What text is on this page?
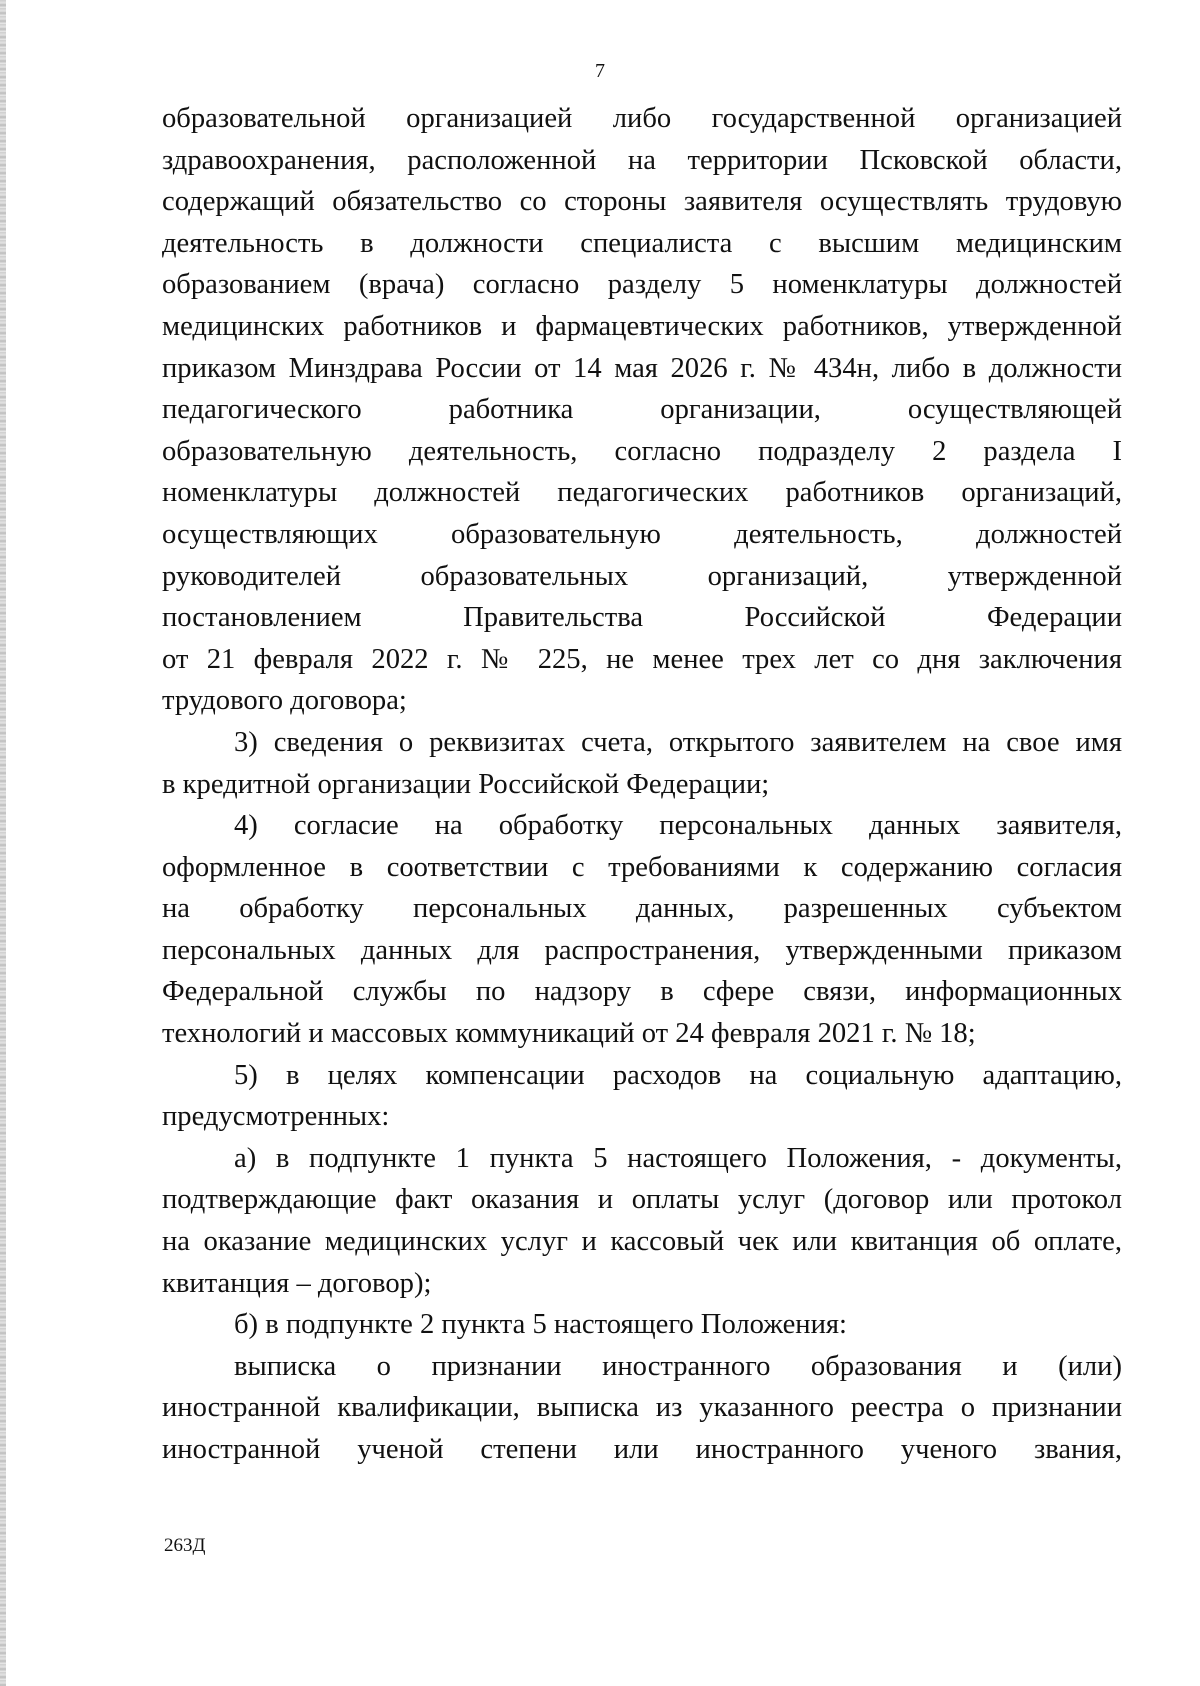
7

образовательной организацией либо государственной организацией
здравоохранения, расположенной на территории Псковской области,
содержащий обязательство со стороны заявителя осуществлять трудовую
деятельность в должности специалиста с высшим медицинским
образованием (врача) согласно разделу 5 номенклатуры должностей
медицинских работников и фармацевтических работников, утвержденной
приказом Минздрава России от 14 мая 2026 г. № 434н, либо в должности
педагогического работника организации, осуществляющей
образовательную деятельность, согласно подразделу 2 раздела I
номенклатуры должностей педагогических работников организаций,
осуществляющих образовательную деятельность, должностей
руководителей образовательных организаций, утвержденной
постановлением Правительства Российской Федерации
от 21 февраля 2022 г. № 225, не менее трех лет со дня заключения
трудового договора;

3) сведения о реквизитах счета, открытого заявителем на свое имя
в кредитной организации Российской Федерации;

4) согласие на обработку персональных данных заявителя,
оформленное в соответствии с требованиями к содержанию согласия
на обработку персональных данных, разрешенных субъектом
персональных данных для распространения, утвержденными приказом
Федеральной службы по надзору в сфере связи, информационных
технологий и массовых коммуникаций от 24 февраля 2021 г. № 18;

5) в целях компенсации расходов на социальную адаптацию,
предусмотренных:

а) в подпункте 1 пункта 5 настоящего Положения, - документы,
подтверждающие факт оказания и оплаты услуг (договор или протокол
на оказание медицинских услуг и кассовый чек или квитанция об оплате,
квитанция – договор);

б) в подпункте 2 пункта 5 настоящего Положения:

выписка о признании иностранного образования и (или)
иностранной квалификации, выписка из указанного реестра о признании
иностранной ученой степени или иностранного ученого звания,

263Д
